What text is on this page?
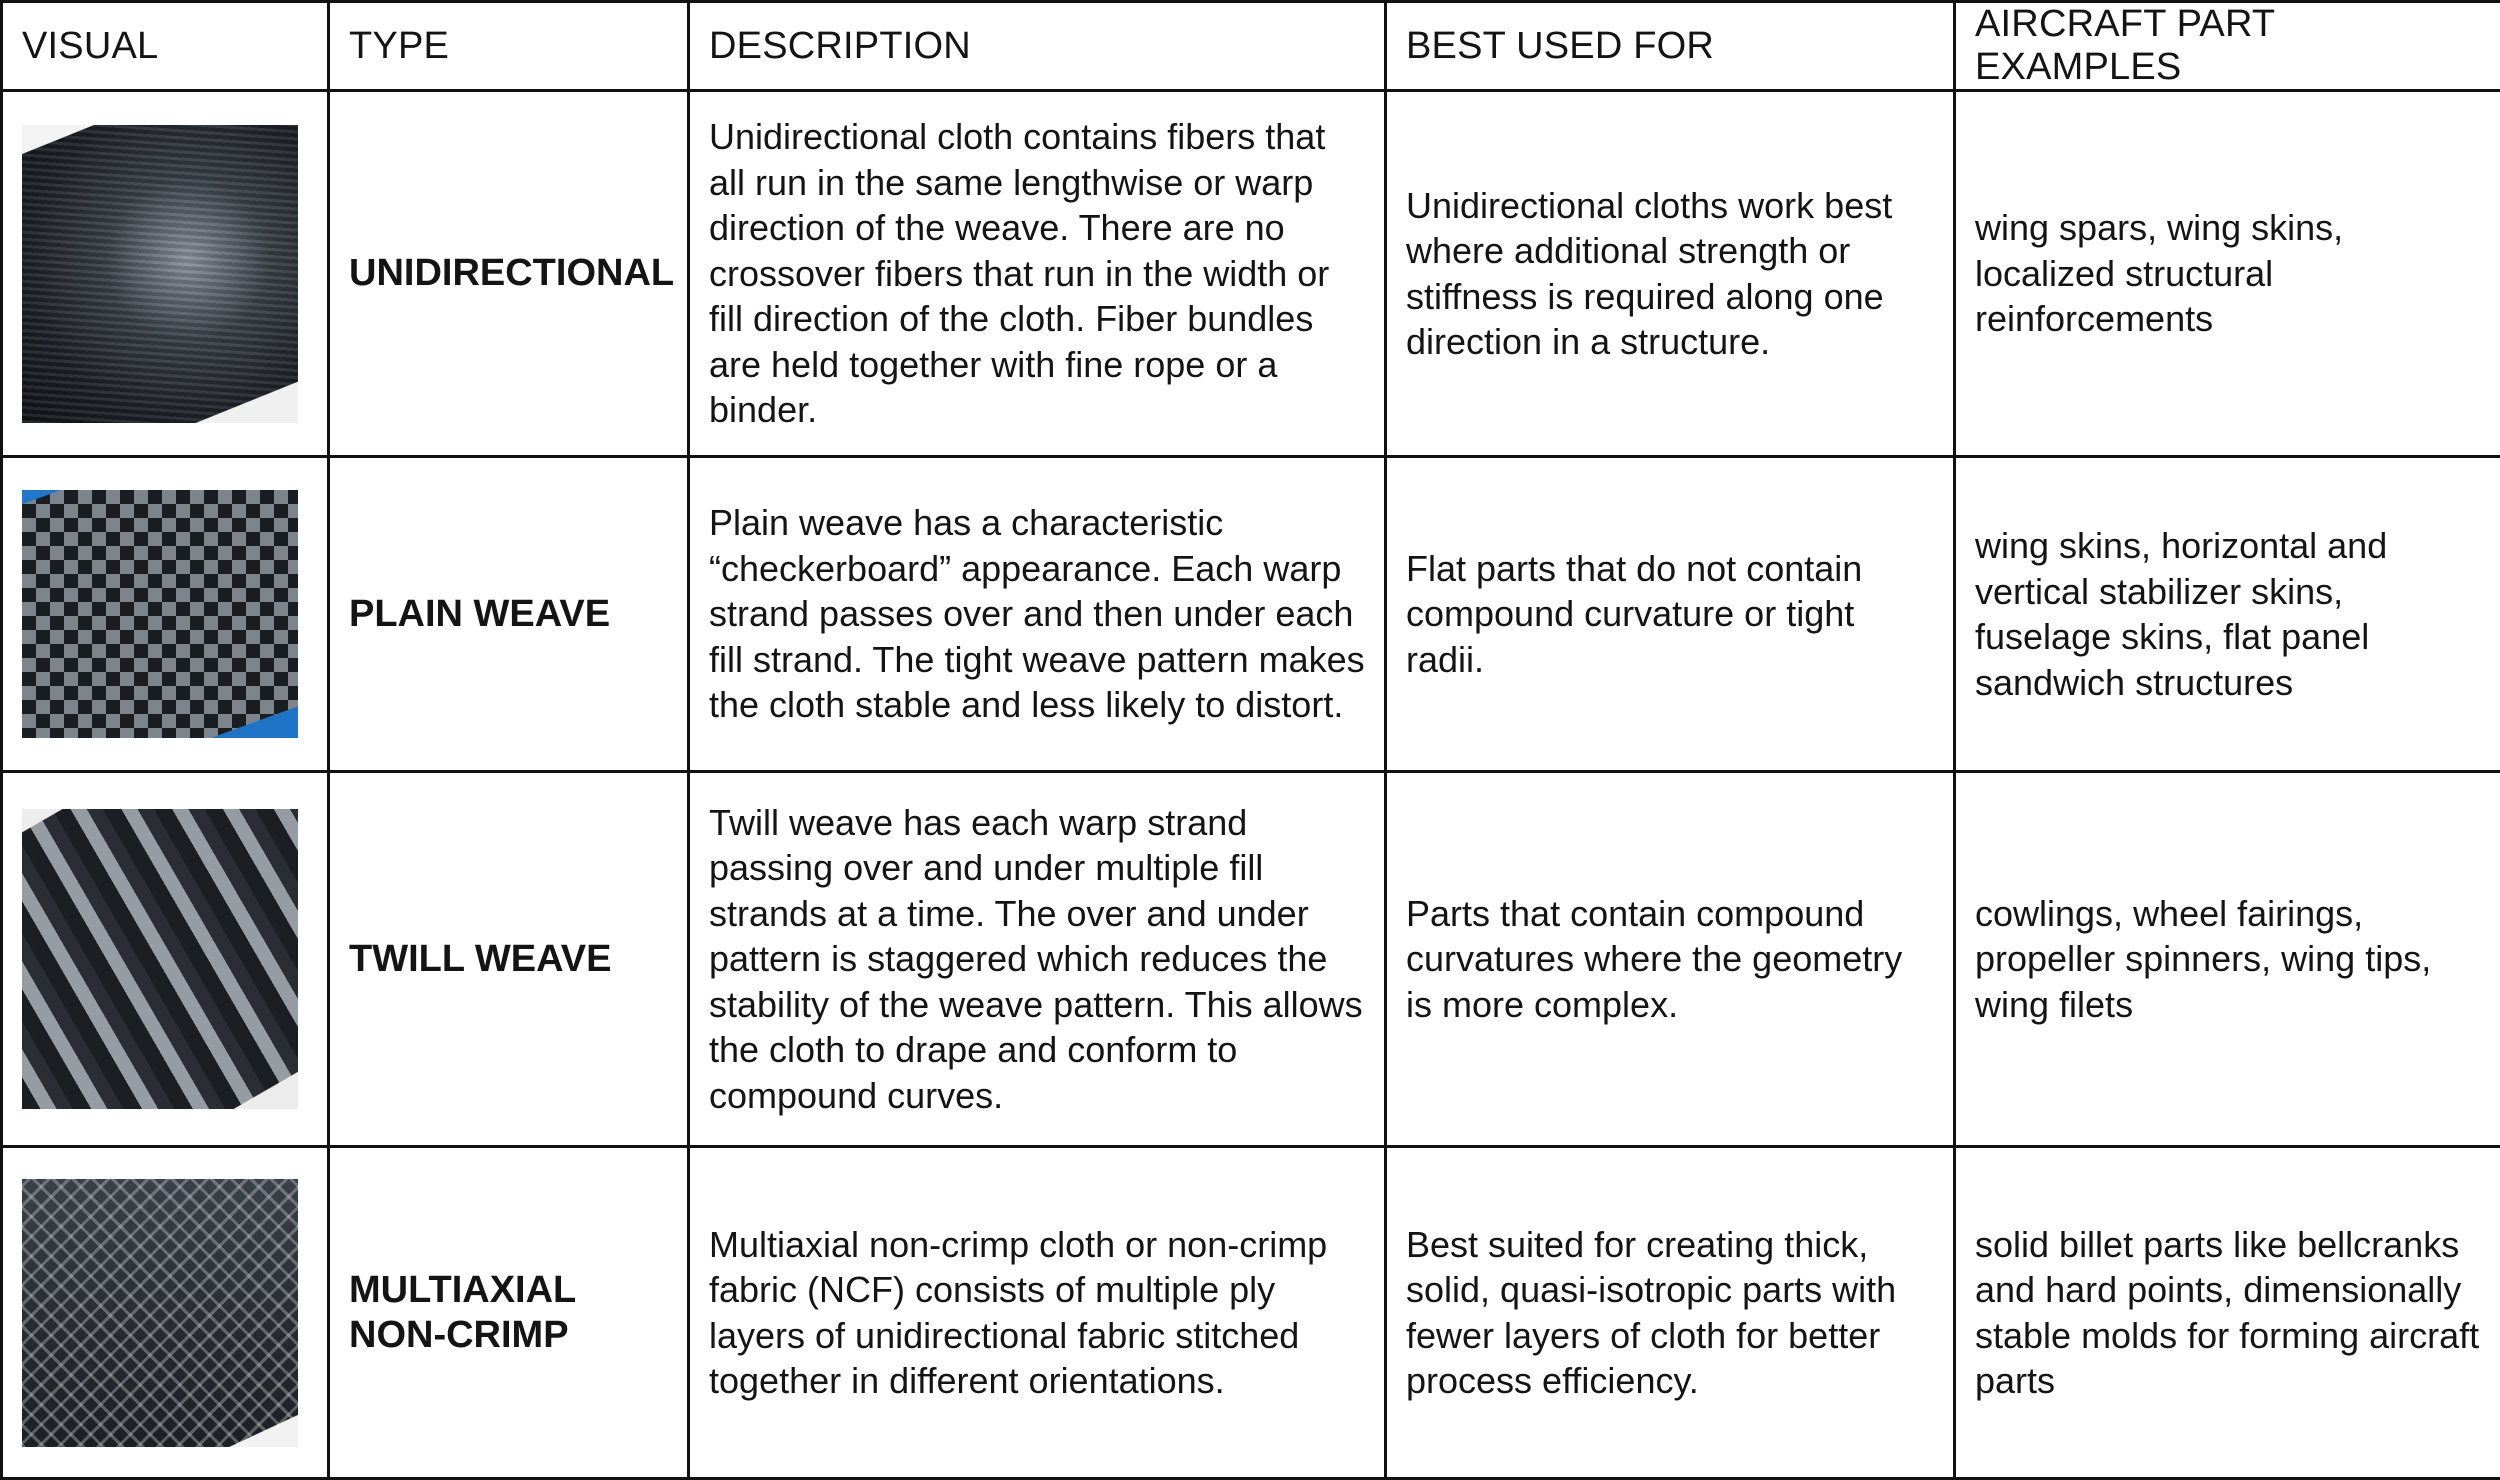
VISUAL	TYPE	DESCRIPTION	BEST USED FOR	AIRCRAFT PART EXAMPLES

	UNIDIRECTIONAL	Unidirectional cloth contains fibers that all run in the same lengthwise or warp direction of the weave. There are no crossover fibers that run in the width or fill direction of the cloth. Fiber bundles are held together with fine rope or a binder.	Unidirectional cloths work best where additional strength or stiffness is required along one direction in a structure.	wing spars, wing skins, localized structural reinforcements

	PLAIN WEAVE	Plain weave has a characteristic “checkerboard” appearance. Each warp strand passes over and then under each fill strand. The tight weave pattern makes the cloth stable and less likely to distort.	Flat parts that do not contain compound curvature or tight radii.	wing skins, horizontal and vertical stabilizer skins, fuselage skins, flat panel sandwich structures

	TWILL WEAVE	Twill weave has each warp strand passing over and under multiple fill strands at a time. The over and under pattern is staggered which reduces the stability of the weave pattern. This allows the cloth to drape and conform to compound curves.	Parts that contain compound curvatures where the geometry is more complex.	cowlings, wheel fairings, propeller spinners, wing tips, wing filets

	MULTIAXIAL NON-CRIMP	Multiaxial non-crimp cloth or non-crimp fabric (NCF) consists of multiple ply layers of unidirectional fabric stitched together in different orientations.	Best suited for creating thick, solid, quasi-isotropic parts with fewer layers of cloth for better process efficiency.	solid billet parts like bellcranks and hard points, dimensionally stable molds for forming aircraft parts
